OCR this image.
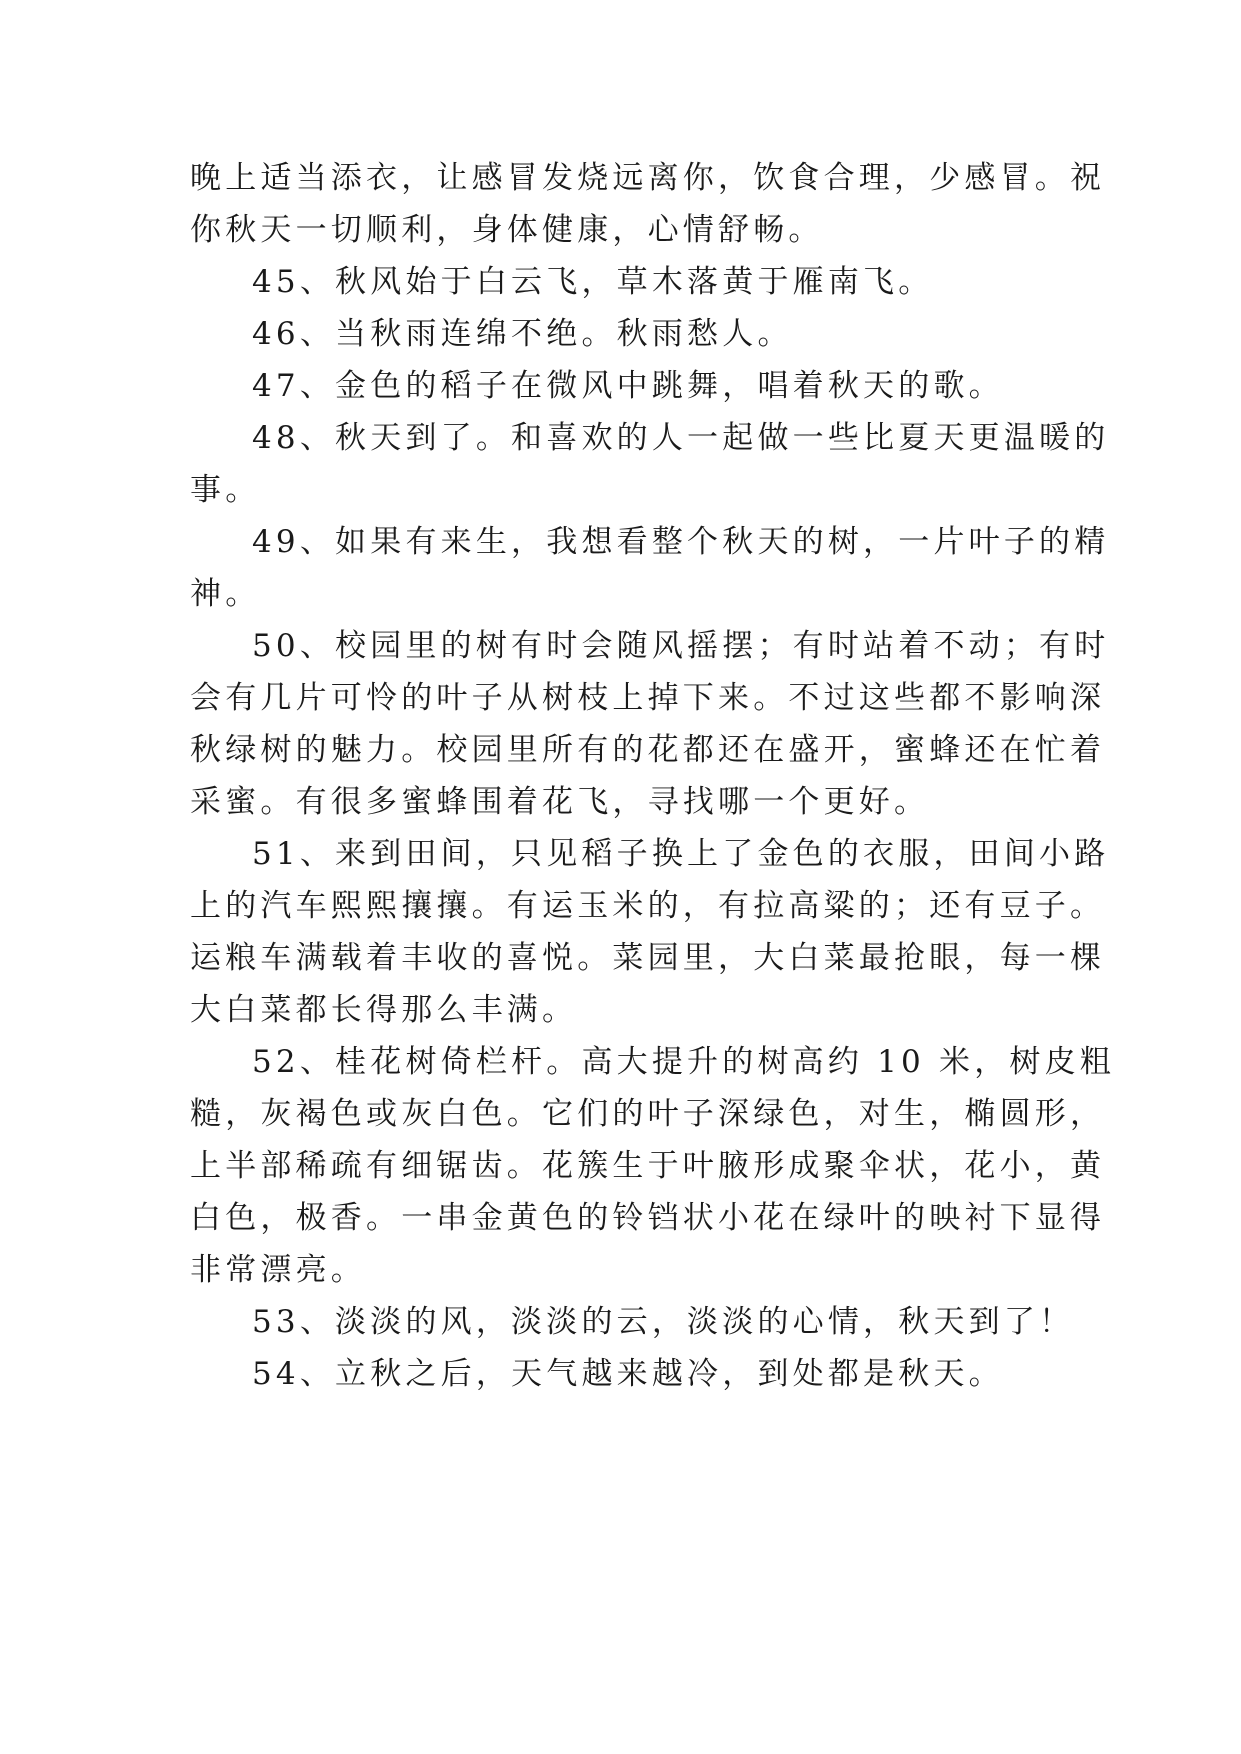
晚上适当添衣，让感冒发烧远离你，饮食合理，少感冒。祝
你秋天一切顺利，身体健康，心情舒畅。
45、秋风始于白云飞，草木落黄于雁南飞。
46、当秋雨连绵不绝。秋雨愁人。
47、金色的稻子在微风中跳舞，唱着秋天的歌。
48、秋天到了。和喜欢的人一起做一些比夏天更温暖的
事。
49、如果有来生，我想看整个秋天的树，一片叶子的精
神。
50、校园里的树有时会随风摇摆；有时站着不动；有时
会有几片可怜的叶子从树枝上掉下来。不过这些都不影响深
秋绿树的魅力。校园里所有的花都还在盛开，蜜蜂还在忙着
采蜜。有很多蜜蜂围着花飞，寻找哪一个更好。
51、来到田间，只见稻子换上了金色的衣服，田间小路
上的汽车熙熙攘攘。有运玉米的，有拉高粱的；还有豆子。
运粮车满载着丰收的喜悦。菜园里，大白菜最抢眼，每一棵
大白菜都长得那么丰满。
52、桂花树倚栏杆。高大提升的树高约 10 米，树皮粗
糙，灰褐色或灰白色。它们的叶子深绿色，对生，椭圆形，
上半部稀疏有细锯齿。花簇生于叶腋形成聚伞状，花小，黄
白色，极香。一串金黄色的铃铛状小花在绿叶的映衬下显得
非常漂亮。
53、淡淡的风，淡淡的云，淡淡的心情，秋天到了！
54、立秋之后，天气越来越冷，到处都是秋天。
